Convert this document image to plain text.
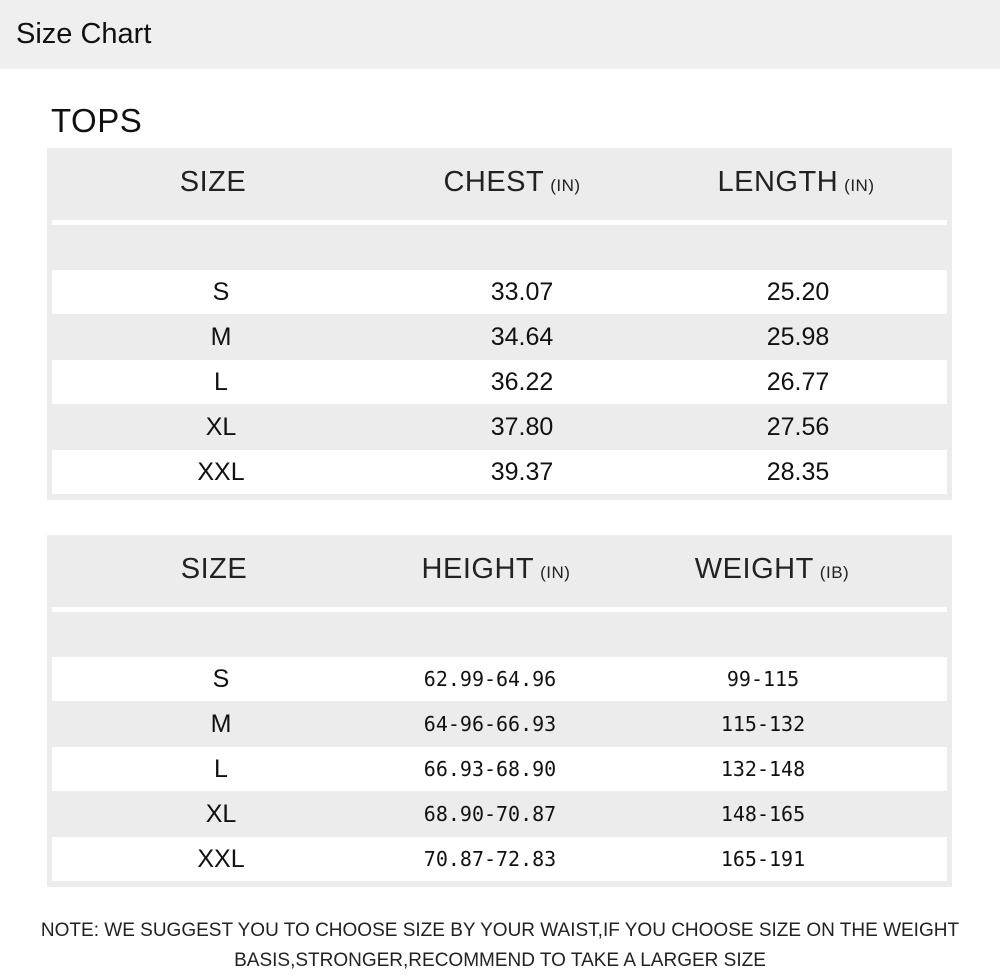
Size Chart
TOPS
SIZE	CHEST (IN)	LENGTH (IN)
S	33.07	25.20
M	34.64	25.98
L	36.22	26.77
XL	37.80	27.56
XXL	39.37	28.35
SIZE	HEIGHT (IN)	WEIGHT (IB)
S	62.99-64.96	99-115
M	64-96-66.93	115-132
L	66.93-68.90	132-148
XL	68.90-70.87	148-165
XXL	70.87-72.83	165-191
NOTE: WE SUGGEST YOU TO CHOOSE SIZE BY YOUR WAIST,IF YOU CHOOSE SIZE ON THE WEIGHT
BASIS,STRONGER,RECOMMEND TO TAKE A LARGER SIZE
